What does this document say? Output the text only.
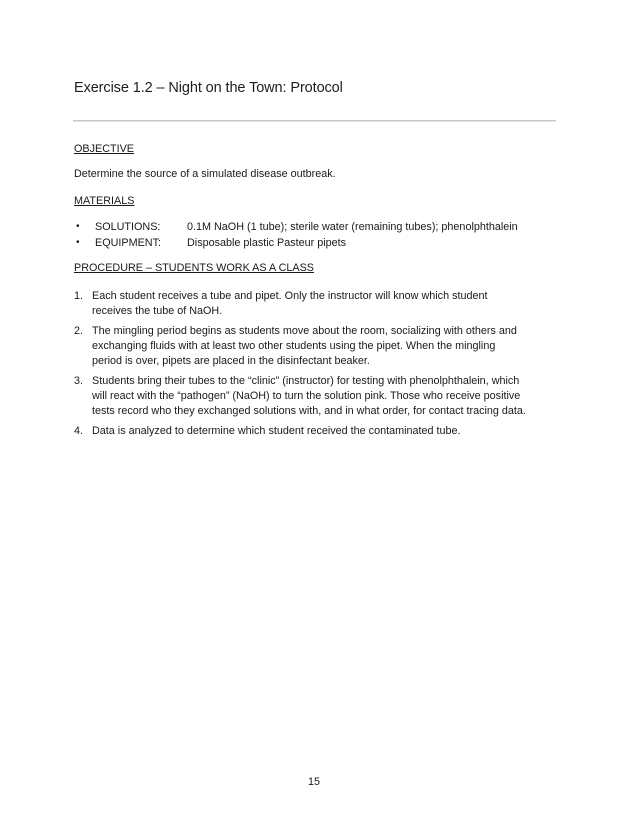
Exercise 1.2 – Night on the Town: Protocol
OBJECTIVE
Determine the source of a simulated disease outbreak.
MATERIALS
•	SOLUTIONS:	0.1M NaOH (1 tube); sterile water (remaining tubes); phenolphthalein
•	EQUIPMENT:	Disposable plastic Pasteur pipets
PROCEDURE – STUDENTS WORK AS A CLASS
1. Each student receives a tube and pipet. Only the instructor will know which student
receives the tube of NaOH.
2. The mingling period begins as students move about the room, socializing with others and
exchanging fluids with at least two other students using the pipet. When the mingling
period is over, pipets are placed in the disinfectant beaker.
3. Students bring their tubes to the “clinic” (instructor) for testing with phenolphthalein, which
will react with the “pathogen” (NaOH) to turn the solution pink. Those who receive positive
tests record who they exchanged solutions with, and in what order, for contact tracing data.
4. Data is analyzed to determine which student received the contaminated tube.
15
